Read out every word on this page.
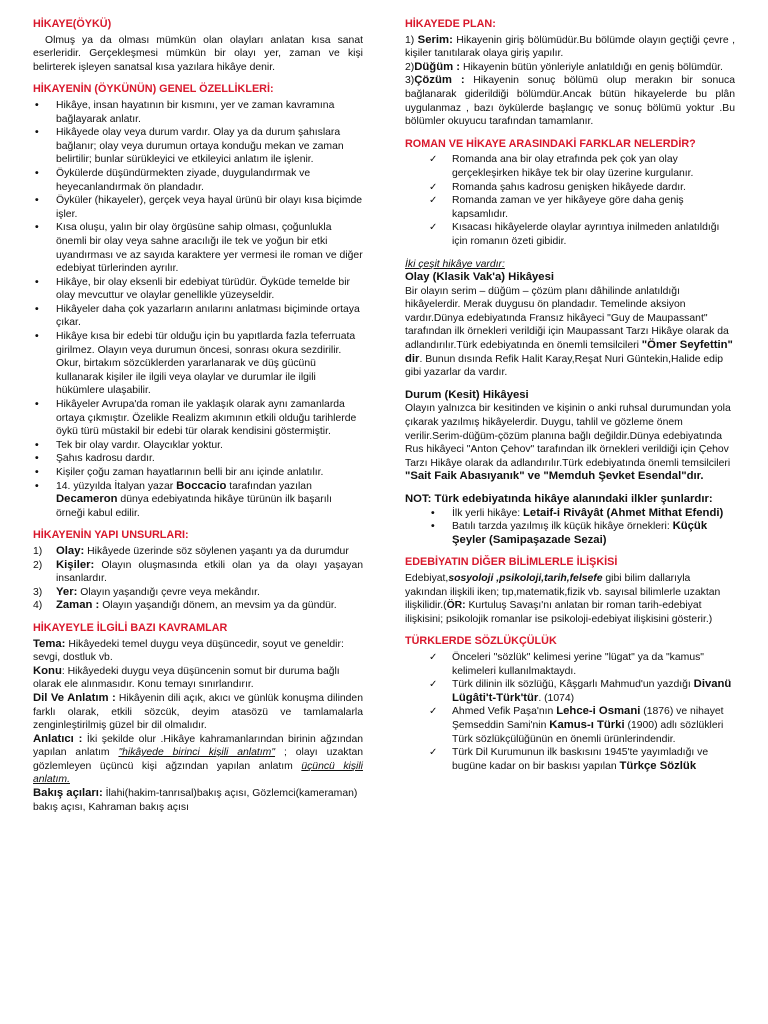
HİKAYE(ÖYKÜ)

Olmuş ya da olması mümkün olan olayları anlatan kısa sanat eserleridir. Gerçekleşmesi mümkün bir olayı yer, zaman ve kişi belirterek işleyen sanatsal kısa yazılara hikâye denir.

HİKAYENİN (ÖYKÜNÜN) GENEL ÖZELLİKLERİ:
• Hikâye, insan hayatının bir kısmını, yer ve zaman kavramına bağlayarak anlatır.
• Hikâyede olay veya durum vardır. Olay ya da durum şahıslara bağlanır; olay veya durumun ortaya konduğu mekan ve zaman belirtilir; bunlar sürükleyici ve etkileyici anlatım ile işlenir.
• Öykülerde düşündürmekten ziyade, duygulandırmak ve heyecanlandırmak ön plandadır.
• Öyküler (hikayeler), gerçek veya hayal ürünü bir olayı kısa biçimde işler.
• Kısa oluşu, yalın bir olay örgüsüne sahip olması, çoğunlukla önemli bir olay veya sahne aracılığı ile tek ve yoğun bir etki uyandırması ve az sayıda karaktere yer vermesi ile roman ve diğer edebiyat türlerinden ayrılır.
• Hikâye, bir olay eksenli bir edebiyat türüdür. Öyküde temelde bir olay mevcuttur ve olaylar genellikle yüzeyseldir.
• Hikâyeler daha çok yazarların anılarını anlatması biçiminde ortaya çıkar.
• Hikâye kısa bir edebi tür olduğu için bu yapıtlarda fazla teferruata girilmez. Olayın veya durumun öncesi, sonrası okura sezdirilir. Okur, birtakım sözcüklerden yararlanarak ve düş gücünü kullanarak kişiler ile ilgili veya olaylar ve durumlar ile ilgili hükümlere ulaşabilir.
• Hikâyeler Avrupa'da roman ile yaklaşık olarak aynı zamanlarda ortaya çıkmıştır. Özelikle Realizm akımının etkili olduğu tarihlerde öykü türü müstakil bir edebi tür olarak kendisini göstermiştir.
• Tek bir olay vardır. Olaycıklar yoktur.
• Şahıs kadrosu dardır.
• Kişiler çoğu zaman hayatlarının belli bir anı içinde anlatılır.
• 14. yüzyılda İtalyan yazar Boccacio tarafından yazılan Decameron dünya edebiyatında hikâye türünün ilk başarılı örneği kabul edilir.
HİKAYENİN YAPI UNSURLARI:
1) Olay: Hikâyede üzerinde söz söylenen yaşantı ya da durumdur
2) Kişiler: Olayın oluşmasında etkili olan ya da olayı yaşayan insanlardır.
3) Yer: Olayın yaşandığı çevre veya mekândır.
4) Zaman : Olayın yaşandığı dönem, an mevsim ya da gündür.
HİKAYEYLE İLGİLİ BAZI KAVRAMLAR

Tema: Hikâyedeki temel duygu veya düşüncedir, soyut ve geneldir: sevgi, dostluk vb.

Konu: Hikâyedeki duygu veya düşüncenin somut bir duruma bağlı olarak ele alınmasıdır. Konu temayı sınırlandırır.

Dil Ve Anlatım : Hikâyenin dili açık, akıcı ve günlük konuşma dilinden farklı olarak, etkili sözcük, deyim atasözü ve tamlamalarla zenginleştirilmiş güzel bir dil olmalıdır.

Anlatıcı : İki şekilde olur .Hikâye kahramanlarından birinin ağzından yapılan anlatım "hikâyede birinci kişili anlatım" ; olayı uzaktan gözlemleyen üçüncü kişi ağzından yapılan anlatım üçüncü kişili anlatım.

Bakış açıları: İlahi(hakim-tanrısal)bakış açısı, Gözlemci(kameraman) bakış açısı, Kahraman bakış açısı

HİKAYEDE PLAN:

1) Serim: Hikayenin giriş bölümüdür.Bu bölümde olayın geçtiği çevre , kişiler tanıtılarak olaya giriş yapılır.

2)Düğüm : Hikayenin bütün yönleriyle anlatıldığı en geniş bölümdür.

3)Çözüm : Hikayenin sonuç bölümü olup merakın bir sonuca bağlanarak giderildiği bölümdür.Ancak bütün hikayelerde bu plân uygulanmaz , bazı öykülerde başlangıç ve sonuç bölümü yoktur .Bu bölümler okuyucu tarafından tamamlanır.

ROMAN VE HİKAYE ARASINDAKİ FARKLAR NELERDİR?
✓ Romanda ana bir olay etrafında pek çok yan olay gerçekleşirken hikâye tek bir olay üzerine kurgulanır.
✓ Romanda şahıs kadrosu genişken hikâyede dardır.
✓ Romanda zaman ve yer hikâyeye göre daha geniş kapsamlıdır.
✓ Kısacası hikâyelerde olaylar ayrıntıya inilmeden anlatıldığı için romanın özeti gibidir.

İki çeşit hikâye vardır:

Olay (Klasik Vak'a) Hikâyesi

Bir olayın serim – düğüm – çözüm planı dâhilinde anlatıldığı hikâyelerdir. Merak duygusu ön plandadır. Temelinde aksiyon vardır.Dünya edebiyatında Fransız hikâyeci "Guy de Maupassant" tarafından ilk örnekleri verildiği için Maupassant Tarzı Hikâye olarak da adlandırılır.Türk edebiyatında en önemli temsilcileri "Ömer Seyfettin" dir. Bunun dısında Refik Halit Karay,Reşat Nuri Güntekin,Halide edip gibi yazarlar da vardır.

Durum (Kesit) Hikâyesi

Olayın yalnızca bir kesitinden ve kişinin o anki ruhsal durumundan yola çıkarak yazılmış hikâyelerdir. Duygu, tahlil ve gözleme önem verilir.Serim-düğüm-çözüm planına bağlı değildir.Dünya edebiyatında Rus hikâyeci "Anton Çehov" tarafından ilk örnekleri verildiği için Çehov Tarzı Hikâye olarak da adlandırılır.Türk edebiyatında önemli temsilcileri
"Sait Faik Abasıyanık" ve "Memduh Şevket Esendal"dır.

NOT: Türk edebiyatında hikâye alanındaki ilkler şunlardır:

• İlk yerli hikâye: Letaif-i Rivâyât (Ahmet Mithat Efendi)
• Batılı tarzda yazılmış ilk küçük hikâye örnekleri: Küçük Şeyler (Samipaşazade Sezai)
EDEBİYATIN DİĞER BİLİMLERLE İLİŞKİSİ

Edebiyat,sosyoloji ,psikoloji,tarih,felsefe gibi bilim dallarıyla yakından ilişkili iken; tıp,matematik,fizik vb. sayısal bilimlerle uzaktan ilişkilidir.(ÖR: Kurtuluş Savaşı'nı anlatan bir roman tarih-edebiyat ilişkisini; psikolojik romanlar ise psikoloji-edebiyat ilişkisini gösterir.)

TÜRKLERDE SÖZLÜKÇÜLÜK
✓ Önceleri "sözlük" kelimesi yerine "lügat" ya da "kamus" kelimeleri kullanılmaktaydı.
✓ Türk dilinin ilk sözlüğü, Kâşgarlı Mahmud'un yazdığı Divanü Lügâti't-Türk'tür. (1074)
✓ Ahmed Vefik Paşa'nın Lehce-i Osmani (1876) ve nihayet Şemseddin Sami'nin Kamus-ı Türki (1900) adlı sözlükleri Türk sözlükçülüğünün en önemli ürünlerindendir.
✓ Türk Dil Kurumunun ilk baskısını 1945'te yayımladığı ve bugüne kadar on bir baskısı yapılan Türkçe Sözlük
